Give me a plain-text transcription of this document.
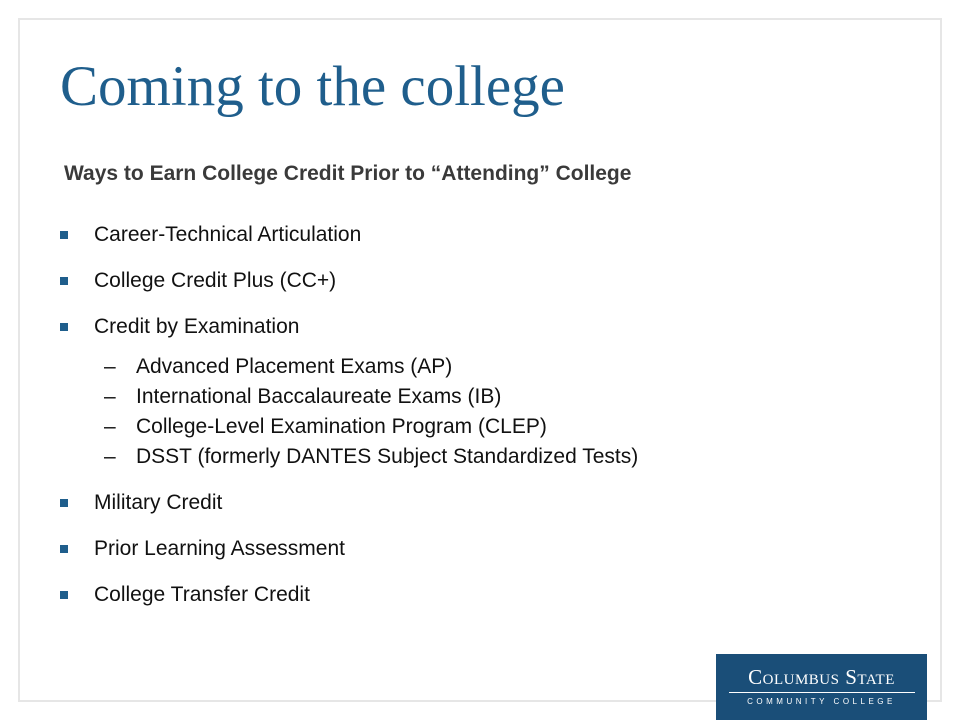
Coming to the college

Ways to Earn College Credit Prior to “Attending” College

Career-Technical Articulation
College Credit Plus (CC+)
Credit by Examination
– Advanced Placement Exams (AP)
– International Baccalaureate Exams (IB)
– College-Level Examination Program (CLEP)
– DSST (formerly DANTES Subject Standardized Tests)
Military Credit
Prior Learning Assessment
College Transfer Credit
Columbus State
COMMUNITY COLLEGE
